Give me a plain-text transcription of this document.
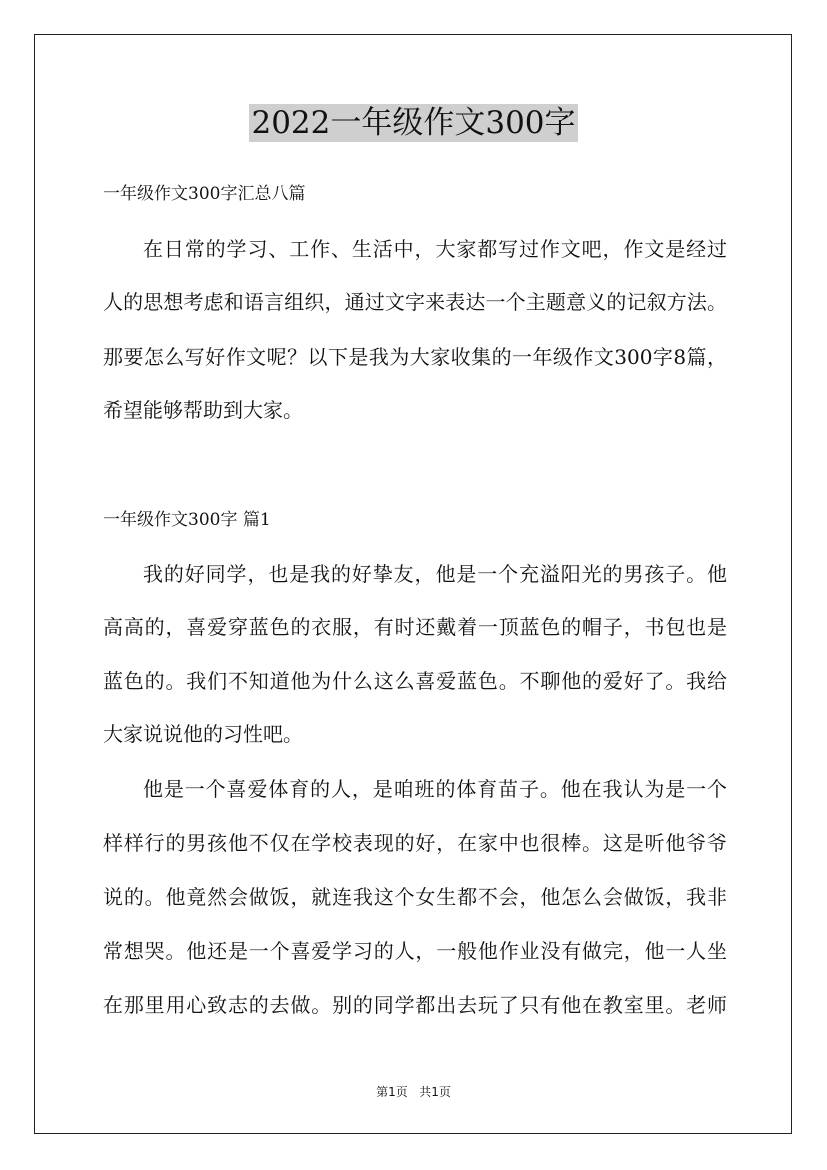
2022一年级作文300字
一年级作文300字汇总八篇
在日常的学习、工作、生活中，大家都写过作文吧，作文是经过
人的思想考虑和语言组织，通过文字来表达一个主题意义的记叙方法。
那要怎么写好作文呢？以下是我为大家收集的一年级作文300字8篇，
希望能够帮助到大家。
一年级作文300字 篇1
我的好同学，也是我的好挚友，他是一个充溢阳光的男孩子。他
高高的，喜爱穿蓝色的衣服，有时还戴着一顶蓝色的帽子，书包也是
蓝色的。我们不知道他为什么这么喜爱蓝色。不聊他的爱好了。我给
大家说说他的习性吧。
他是一个喜爱体育的人，是咱班的体育苗子。他在我认为是一个
样样行的男孩他不仅在学校表现的好，在家中也很棒。这是听他爷爷
说的。他竟然会做饭，就连我这个女生都不会，他怎么会做饭，我非
常想哭。他还是一个喜爱学习的人，一般他作业没有做完，他一人坐
在那里用心致志的去做。别的同学都出去玩了只有他在教室里。老师
第1页 共1页
